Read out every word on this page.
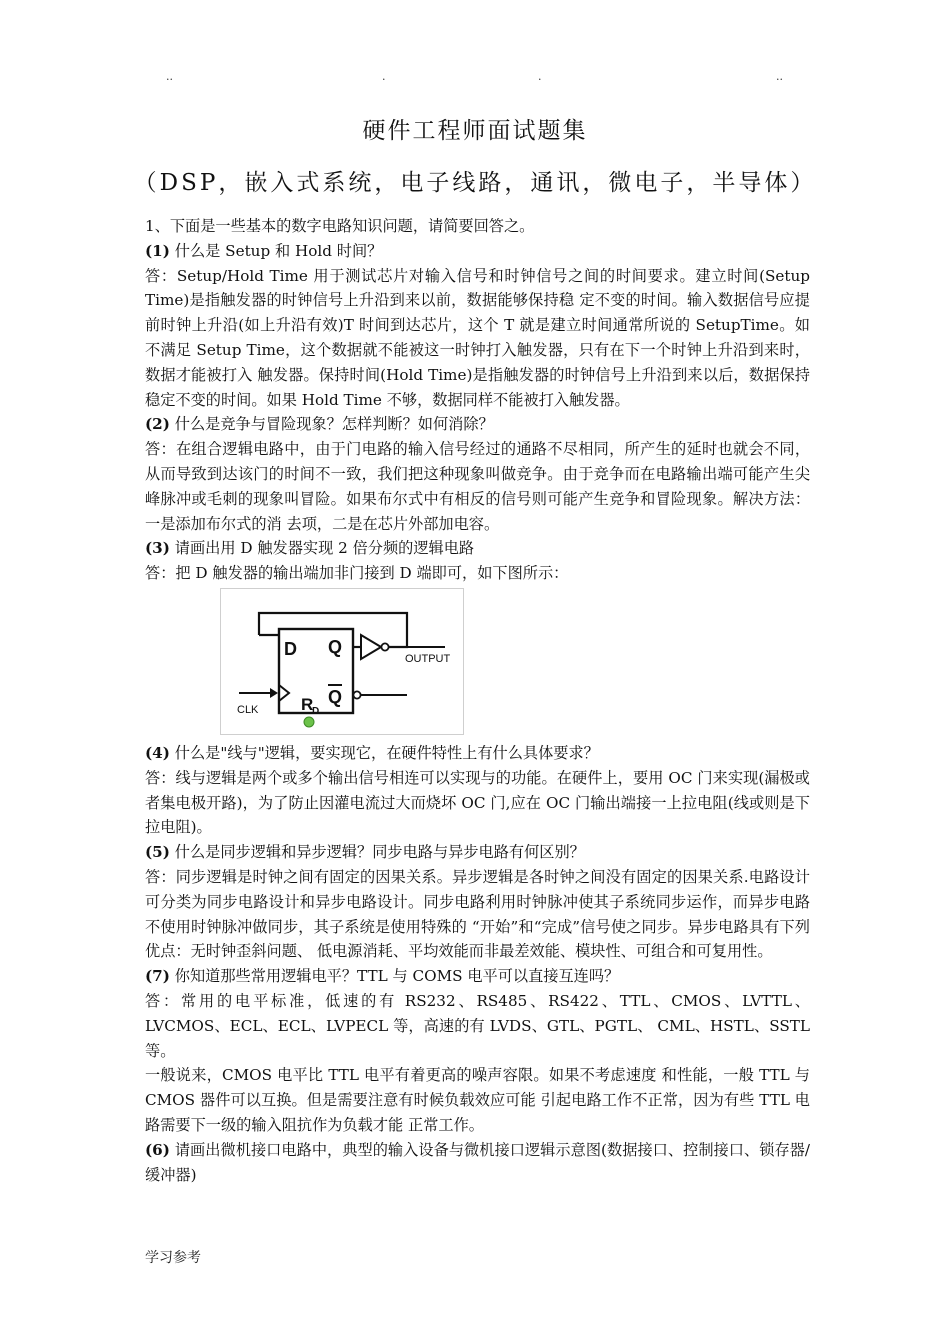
..	.	.	..
硬件工程师面试题集
（DSP，嵌入式系统，电子线路，通讯，微电子，半导体）

1、下面是一些基本的数字电路知识问题，请简要回答之。

(1) 什么是 Setup 和 Hold 时间？

答：Setup/Hold Time 用于测试芯片对输入信号和时钟信号之间的时间要求。建立时间(Setup Time)是指触发器的时钟信号上升沿到来以前，数据能够保持稳 定不变的时间。输入数据信号应提前时钟上升沿(如上升沿有效)T 时间到达芯片，这个 T 就是建立时间通常所说的 SetupTime。如不满足 Setup Time，这个数据就不能被这一时钟打入触发器，只有在下一个时钟上升沿到来时，数据才能被打入 触发器。保持时间(Hold Time)是指触发器的时钟信号上升沿到来以后，数据保持稳定不变的时间。如果 Hold Time 不够，数据同样不能被打入触发器。

(2) 什么是竞争与冒险现象？怎样判断？如何消除？

答：在组合逻辑电路中，由于门电路的输入信号经过的通路不尽相同，所产生的延时也就会不同，从而导致到达该门的时间不一致，我们把这种现象叫做竞争。由于竞争而在电路输出端可能产生尖峰脉冲或毛刺的现象叫冒险。如果布尔式中有相反的信号则可能产生竞争和冒险现象。解决方法：一是添加布尔式的消 去项，二是在芯片外部加电容。

(3) 请画出用 D 触发器实现 2 倍分频的逻辑电路

答：把 D 触发器的输出端加非门接到 D 端即可，如下图所示：

D Q
Q
R
D
OUTPUT
CLK

(4) 什么是"线与"逻辑，要实现它，在硬件特性上有什么具体要求？

答：线与逻辑是两个或多个输出信号相连可以实现与的功能。在硬件上，要用 OC 门来实现(漏极或者集电极开路)，为了防止因灌电流过大而烧坏 OC 门,应在 OC 门输出端接一上拉电阻(线或则是下拉电阻)。

(5) 什么是同步逻辑和异步逻辑？同步电路与异步电路有何区别？

答：同步逻辑是时钟之间有固定的因果关系。异步逻辑是各时钟之间没有固定的因果关系.电路设计可分类为同步电路设计和异步电路设计。同步电路利用时钟脉冲使其子系统同步运作，而异步电路不使用时钟脉冲做同步，其子系统是使用特殊的 “开始”和“完成”信号使之同步。异步电路具有下列优点：无时钟歪斜问题、 低电源消耗、平均效能而非最差效能、模块性、可组合和可复用性。

(7) 你知道那些常用逻辑电平？TTL 与 COMS 电平可以直接互连吗？

答：常用的电平标准，低速的有 RS232、RS485、RS422、TTL、CMOS、LVTTL、LVCMOS、ECL、ECL、LVPECL 等，高速的有 LVDS、GTL、PGTL、 CML、HSTL、SSTL 等。

一般说来，CMOS 电平比 TTL 电平有着更高的噪声容限。如果不考虑速度 和性能，一般 TTL 与 CMOS 器件可以互换。但是需要注意有时候负载效应可能 引起电路工作不正常，因为有些 TTL 电路需要下一级的输入阻抗作为负载才能 正常工作。

(6) 请画出微机接口电路中，典型的输入设备与微机接口逻辑示意图(数据接口、控制接口、锁存器/缓冲器)

学习参考
